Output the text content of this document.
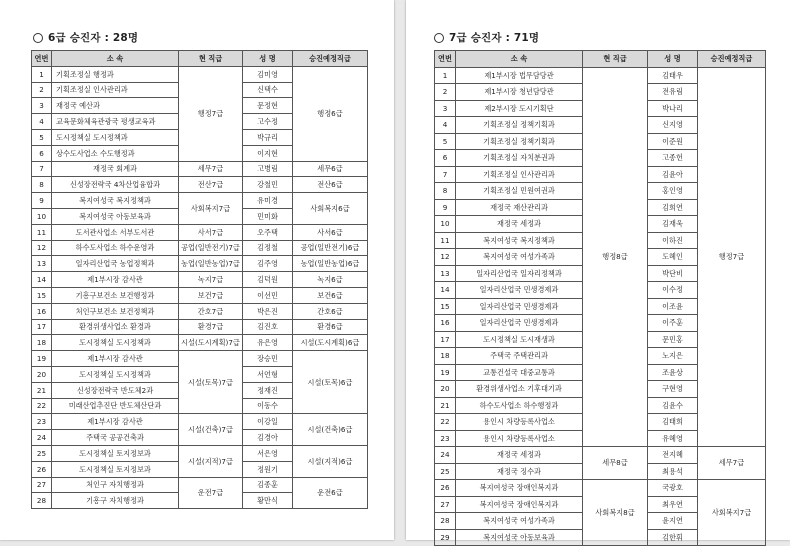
6급 승진자 : 28명	7급 승진자 : 71명
연번	소 속	현 직급	성 명	승진예정직급
1	기획조정실 행정과	행정7급	김미영	행정6급
2	기획조정실 인사관리과		신택수	
3	재정국 예산과		문정현	
4	교육문화체육관광국 평생교육과		고수정	
5	도시정책실 도시정책과		박규리	
6	상수도사업소 수도행정과		이지현	
7	재정국 회계과	세무7급	고병림	세무6급
8	신성장전략국 4차산업융합과	전산7급	강철민	전산6급
9	복지여성국 복지정책과	사회복지7급	유미경	사회복지6급
10	복지여성국 아동보육과		민미화	
11	도서관사업소 서부도서관	사서7급	오주택	사서6급
12	하수도사업소 하수운영과	공업(일반전기)7급	김정철	공업(일반전기)6급
13	일자리산업국 농업정책과	농업(일반농업)7급	김주영	농업(일반농업)6급
14	제1부시장 감사관	녹지7급	김덕원	녹지6급
15	기흥구보건소 보건행정과	보건7급	이선민	보건6급
16	처인구보건소 보건정책과	간호7급	박은진	간호6급
17	환경위생사업소 환경과	환경7급	김진호	환경6급
18	도시정책실 도시정책과	시설(도시계획)7급	유은영	시설(도시계획)6급
19	제1부시장 감사관	시설(토목)7급	장승민	시설(토목)6급
20	도시정책실 도시정책과		서언형	
21	신성장전략국 반도체2과		정재진	
22	미래산업추진단 반도체산단과		이동수	
23	제1부시장 감사관	시설(건축)7급	이강일	시설(건축)6급
24	주택국 공공건축과		김경아	
25	도시정책실 토지정보과	시설(지적)7급	서은영	시설(지적)6급
26	도시정책실 토지정보과		정원기	
27	처인구 자치행정과	운전7급	김종훈	운전6급
28	기흥구 자치행정과		황만식	
연번	소 속	현 직급	성 명	승진예정직급
1	제1부시장 법무담당관	행정8급	김태우	행정7급
2	제1부시장 청년담당관		전유림	
3	제2부시장 도시기획단		박나리	
4	기획조정실 정책기획과		신지영	
5	기획조정실 정책기획과		이준원	
6	기획조정실 자치분권과		고종헌	
7	기획조정실 인사관리과		김윤아	
8	기획조정실 민원여권과		홍인영	
9	재정국 재산관리과		김희연	
10	재정국 세정과		김재욱	
11	복지여성국 복지정책과		이하진	
12	복지여성국 여성가족과		도혜인	
13	일자리산업국 일자리정책과		박단비	
14	일자리산업국 민생경제과		이수정	
15	일자리산업국 민생경제과		이조윤	
16	일자리산업국 민생경제과		이주훈	
17	도시정책실 도시재생과		문민홍	
18	주택국 주택관리과		노지은	
19	교통건설국 대중교통과		조윤상	
20	환경위생사업소 기후대기과		구현영	
21	하수도사업소 하수행정과		김윤수	
22	용인시 차량등록사업소		김태희	
23	용인시 차량등록사업소		유혜영	
24	재정국 세정과	세무8급	전지혜	세무7급
25	재정국 징수과		최용석	
26	복지여성국 장애인복지과	사회복지8급	국광호	사회복지7급
27	복지여성국 장애인복지과		최우연	
28	복지여성국 여성가족과		윤지연	
29	복지여성국 아동보육과		김한휘	
